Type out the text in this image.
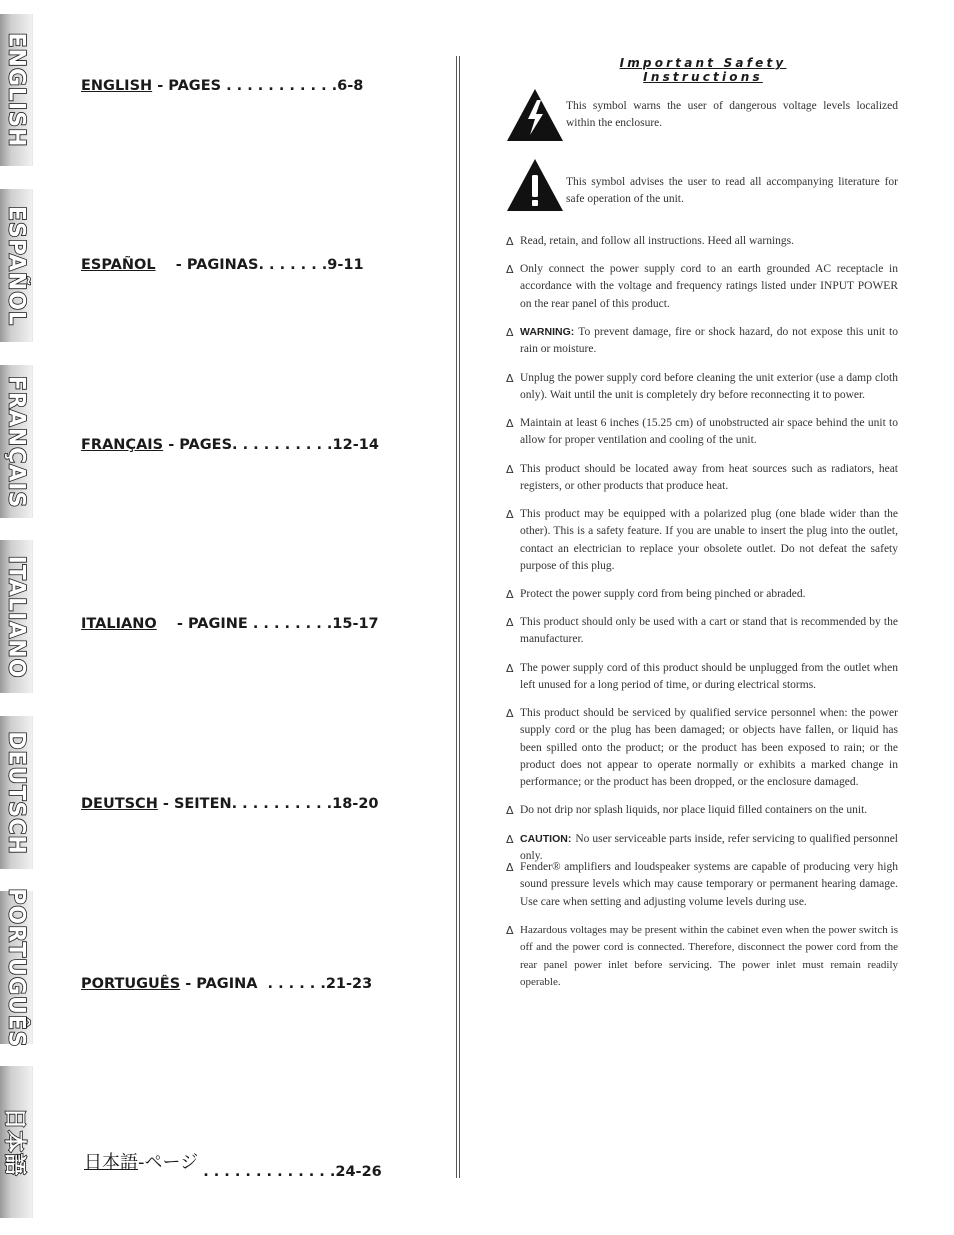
ENGLISH
ESPAÑOL
FRANÇAIS
ITALIANO
DEUTSCH
PORTUGUÊS
日本語
ENGLISH - PAGES . . . . . . . . . . .6-8
ESPAÑOL    - PAGINAS. . . . . . .9-11
FRANÇAIS - PAGES. . . . . . . . . .12-14
ITALIANO    - PAGINE . . . . . . . .15-17
DEUTSCH - SEITEN. . . . . . . . . .18-20
PORTUGUÊS - PAGINA  . . . . . .21-23
日本語-ページ . . . . . . . . . . . . .24-26
Important Safety Instructions
This symbol warns the user of dangerous voltage levels localized within the enclosure.
This symbol advises the user to read all accompanying literature for safe operation of the unit.
Δ Read, retain, and follow all instructions. Heed all warnings.
Δ Only connect the power supply cord to an earth grounded AC receptacle in accordance with the voltage and frequency ratings listed under INPUT POWER on the rear panel of this product.
Δ WARNING: To prevent damage, fire or shock hazard, do not expose this unit to rain or moisture.
Δ Unplug the power supply cord before cleaning the unit exterior (use a damp cloth only). Wait until the unit is completely dry before reconnecting it to power.
Δ Maintain at least 6 inches (15.25 cm) of unobstructed air space behind the unit to allow for proper ventilation and cooling of the unit.
Δ This product should be located away from heat sources such as radiators, heat registers, or other products that produce heat.
Δ This product may be equipped with a polarized plug (one blade wider than the other). This is a safety feature. If you are unable to insert the plug into the outlet, contact an electrician to replace your obsolete outlet. Do not defeat the safety purpose of this plug.
Δ Protect the power supply cord from being pinched or abraded.
Δ This product should only be used with a cart or stand that is recommended by the manufacturer.
Δ The power supply cord of this product should be unplugged from the outlet when left unused for a long period of time, or during electrical storms.
Δ This product should be serviced by qualified service personnel when: the power supply cord or the plug has been damaged; or objects have fallen, or liquid has been spilled onto the product; or the product has been exposed to rain; or the product does not appear to operate normally or exhibits a marked change in performance; or the product has been dropped, or the enclosure damaged.
Δ Do not drip nor splash liquids, nor place liquid filled containers on the unit.
Δ CAUTION: No user serviceable parts inside, refer servicing to qualified personnel only.
Δ Fender® amplifiers and loudspeaker systems are capable of producing very high sound pressure levels which may cause temporary or permanent hearing damage. Use care when setting and adjusting volume levels during use.
Δ Hazardous voltages may be present within the cabinet even when the power switch is off and the power cord is connected. Therefore, disconnect the power cord from the rear panel power inlet before servicing. The power inlet must remain readily operable.
